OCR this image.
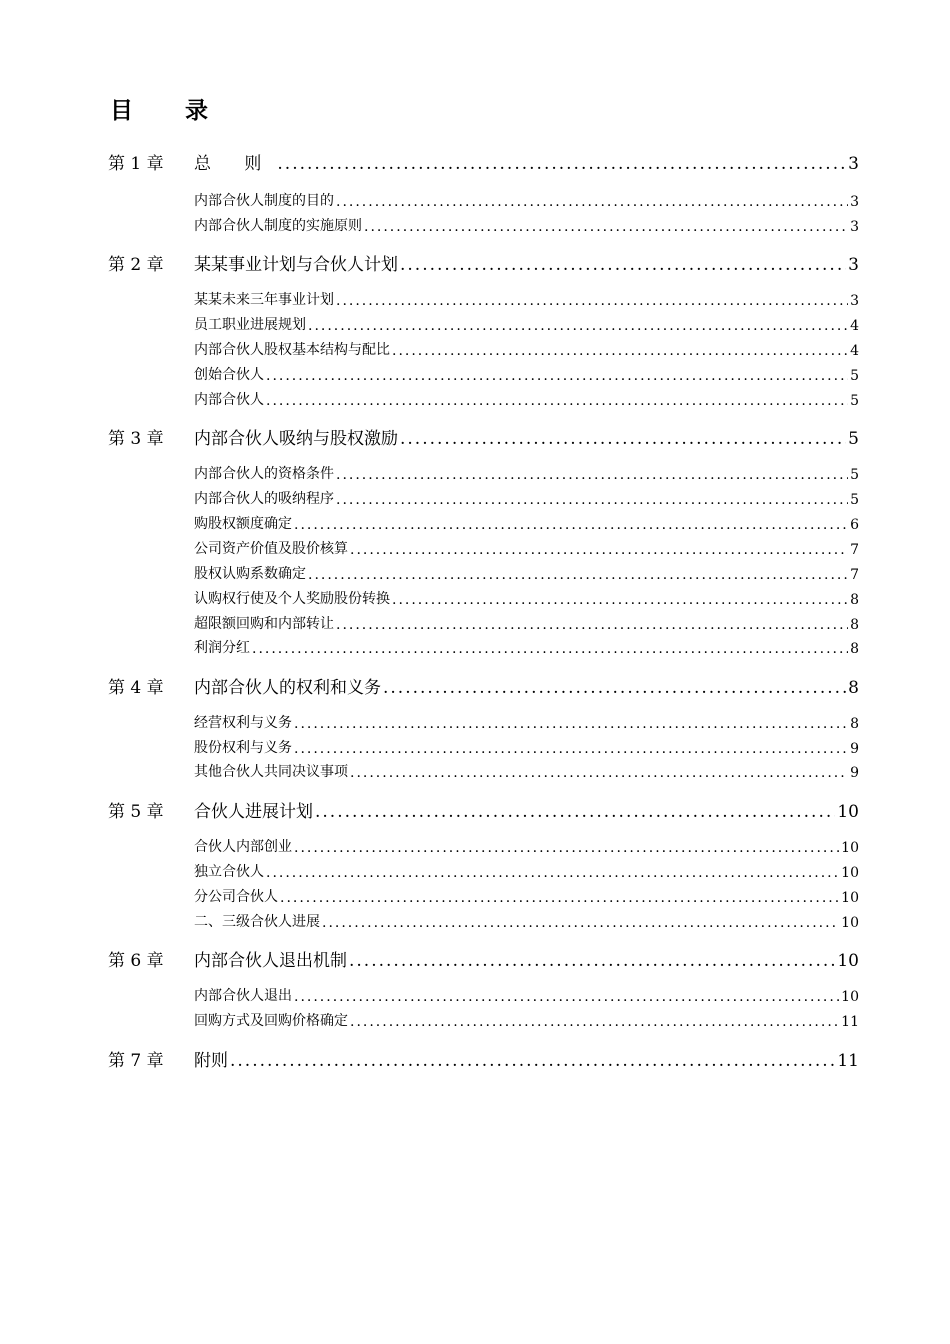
目 录
第 1 章	总 则 .....	3
内部合伙人制度的目的 .....	3
内部合伙人制度的实施原则 .....	3
第 2 章	某某事业计划与合伙人计划 .....	3
某某未来三年事业计划 .....	3
员工职业进展规划 .....	4
内部合伙人股权基本结构与配比 .....	4
创始合伙人 .....	5
内部合伙人 .....	5
第 3 章	内部合伙人吸纳与股权激励 .....	5
内部合伙人的资格条件 .....	5
内部合伙人的吸纳程序 .....	5
购股权额度确定 .....	6
公司资产价值及股价核算 .....	7
股权认购系数确定 .....	7
认购权行使及个人奖励股份转换 .....	8
超限额回购和内部转让 .....	8
利润分红 .....	8
第 4 章	内部合伙人的权利和义务 .....	8
经营权利与义务 .....	8
股份权利与义务 .....	9
其他合伙人共同决议事项 .....	9
第 5 章	合伙人进展计划 .....	10
合伙人内部创业 .....	10
独立合伙人 .....	10
分公司合伙人 .....	10
二、三级合伙人进展 .....	10
第 6 章	内部合伙人退出机制 .....	10
内部合伙人退出 .....	10
回购方式及回购价格确定 .....	11
第 7 章	附则 .....	11
